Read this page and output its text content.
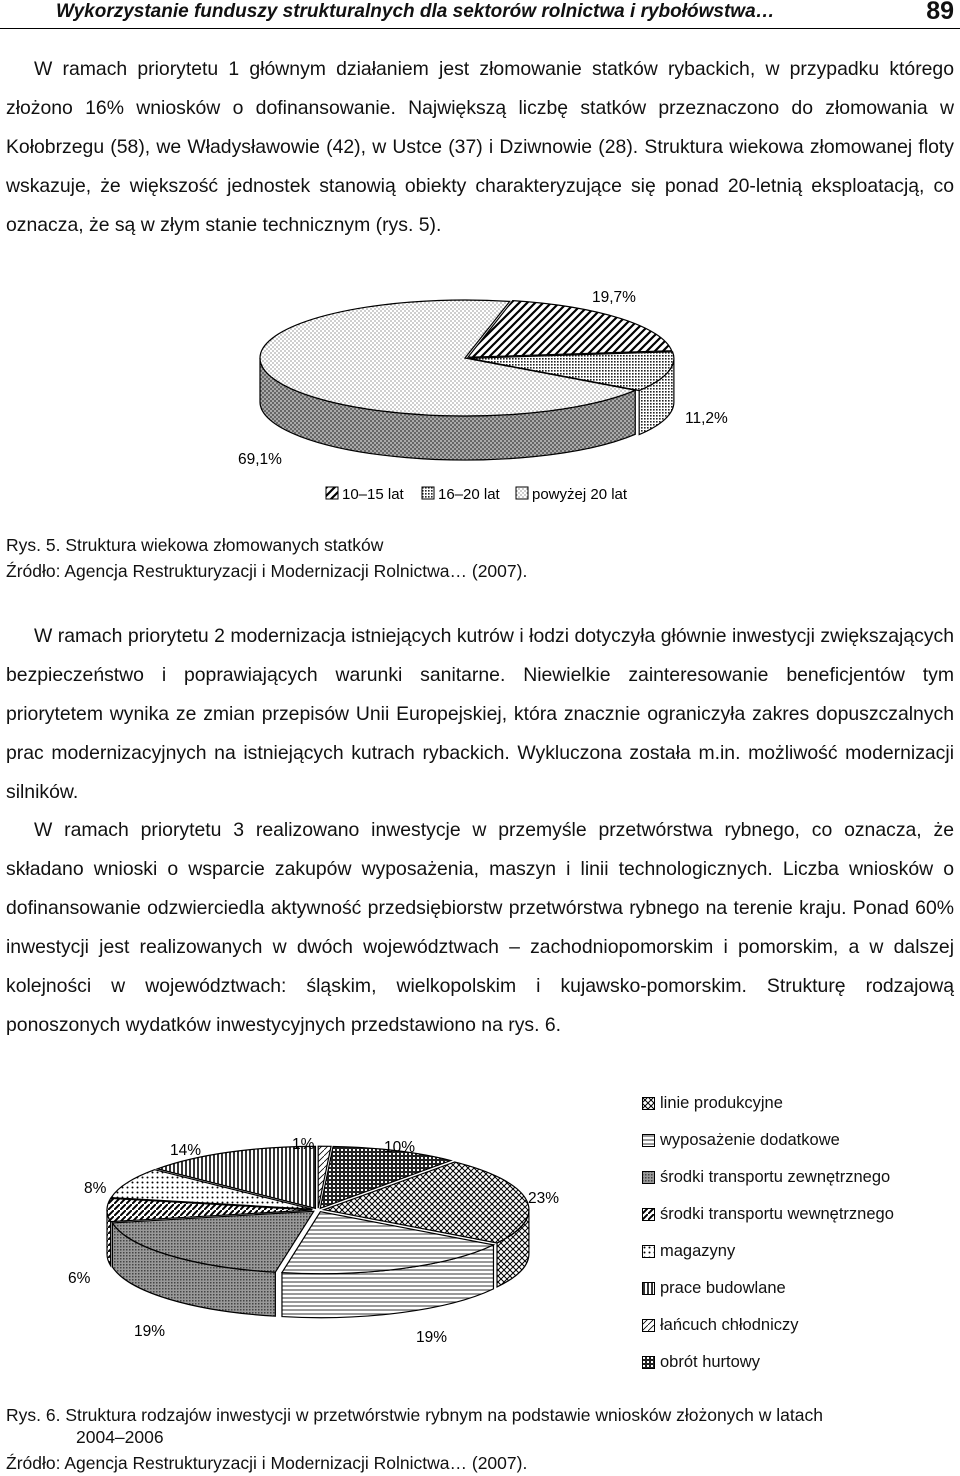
Wykorzystanie funduszy strukturalnych dla sektorów rolnictwa i rybołówstwa…	89

W ramach priorytetu 1 głównym działaniem jest złomowanie statków rybackich, w przypadku którego złożono 16% wniosków o dofinansowanie. Największą liczbę statków przeznaczono do złomowania w Kołobrzegu (58), we Władysławowie (42), w Ustce (37) i Dziwnowie (28). Struktura wiekowa złomowanej floty wskazuje, że większość jednostek stanowią obiekty charakteryzujące się ponad 20-letnią eksploatacją, co oznacza, że są w złym stanie technicznym (rys. 5).

19,7%
11,2%
69,1%
10–15 lat 16–20 lat powyżej 20 lat
Rys. 5. Struktura wiekowa złomowanych statków
Źródło: Agencja Restrukturyzacji i Modernizacji Rolnictwa… (2007).

W ramach priorytetu 2 modernizacja istniejących kutrów i łodzi dotyczyła głównie inwestycji zwiększających bezpieczeństwo i poprawiających warunki sanitarne. Niewielkie zainteresowanie beneficjentów tym priorytetem wynika ze zmian przepisów Unii Europejskiej, która znacznie ograniczyła zakres dopuszczalnych prac modernizacyjnych na istniejących kutrach rybackich. Wykluczona została m.in. możliwość modernizacji silników.

W ramach priorytetu 3 realizowano inwestycje w przemyśle przetwórstwa rybnego, co oznacza, że składano wnioski o wsparcie zakupów wyposażenia, maszyn i linii technologicznych. Liczba wniosków o dofinansowanie odzwierciedla aktywność przedsiębiorstw przetwórstwa rybnego na terenie kraju. Ponad 60% inwestycji jest realizowanych w dwóch województwach – zachodniopomorskim i pomorskim, a w dalszej kolejności w województwach: śląskim, wielkopolskim i kujawsko-pomorskim. Strukturę rodzajową ponoszonych wydatków inwestycyjnych przedstawiono na rys. 6.

14%	1%	10%
8%
23%
6%
19%	19%
linie produkcyjne
wyposażenie dodatkowe
środki transportu zewnętrznego
środki transportu wewnętrznego
magazyny
prace budowlane
łańcuch chłodniczy
obrót hurtowy
Rys. 6. Struktura rodzajów inwestycji w przetwórstwie rybnym na podstawie wniosków złożonych w latach
2004–2006
Źródło: Agencja Restrukturyzacji i Modernizacji Rolnictwa… (2007).
